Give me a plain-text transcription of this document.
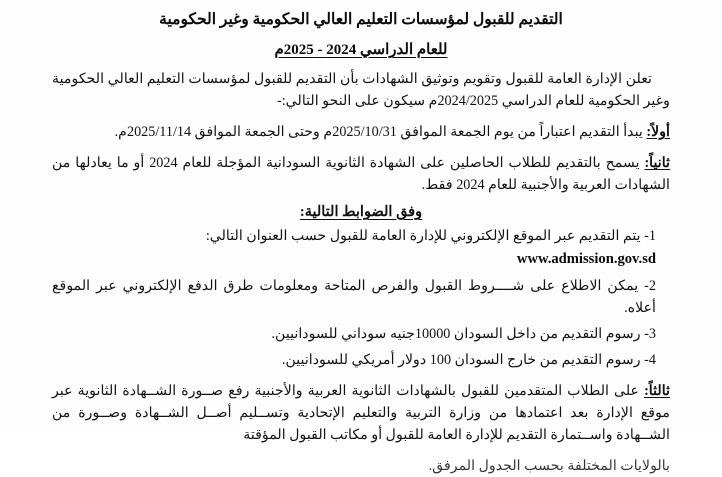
التقديم للقبول لمؤسسات التعليم العالي الحكومية وغير الحكومية
للعام الدراسي 2024 - 2025م

تعلن الإدارة العامة للقبول وتقويم وتوثيق الشهادات بأن التقديم للقبول لمؤسسات التعليم العالي الحكومية وغير الحكومية للعام الدراسي 2024/2025م سيكون على النحو التالي:-

أولاً: يبدأ التقديم اعتباراً من يوم الجمعة الموافق 2025/10/31م وحتى الجمعة الموافق 2025/11/14م.

ثانياً: يسمح بالتقديم للطلاب الحاصلين على الشهادة الثانوية السودانية المؤجلة للعام 2024 أو ما يعادلها من الشهادات العربية والأجنبية للعام 2024 فقط.

وفق الضوابط التالية:
1- يتم التقديم عبر الموقع الإلكتروني للإدارة العامة للقبول حسب العنوان التالي:
www.admission.gov.sd
2- يمكن الاطلاع على شــــروط القبول والفرص المتاحة ومعلومات طرق الدفع الإلكتروني عبر الموقع أعلاه.
3- رسوم التقديم من داخل السودان 10000جنيه سوداني للسودانيين.
4- رسوم التقديم من خارج السودان 100 دولار أمريكي للسودانيين.

ثالثاً: على الطلاب المتقدمين للقبول بالشهادات الثانوية العربية والأجنبية رفع صــورة الشــهادة الثانوية عبر موقع الإدارة بعد اعتمادها من وزارة التربية والتعليم الإتحادية وتســليم أصــل الشــهادة وصــورة من الشــهادة واســتمارة التقديم للإدارة العامة للقبول أو مكاتب القبول المؤقتة

بالولايات المختلفة بحسب الجدول المرفق.
